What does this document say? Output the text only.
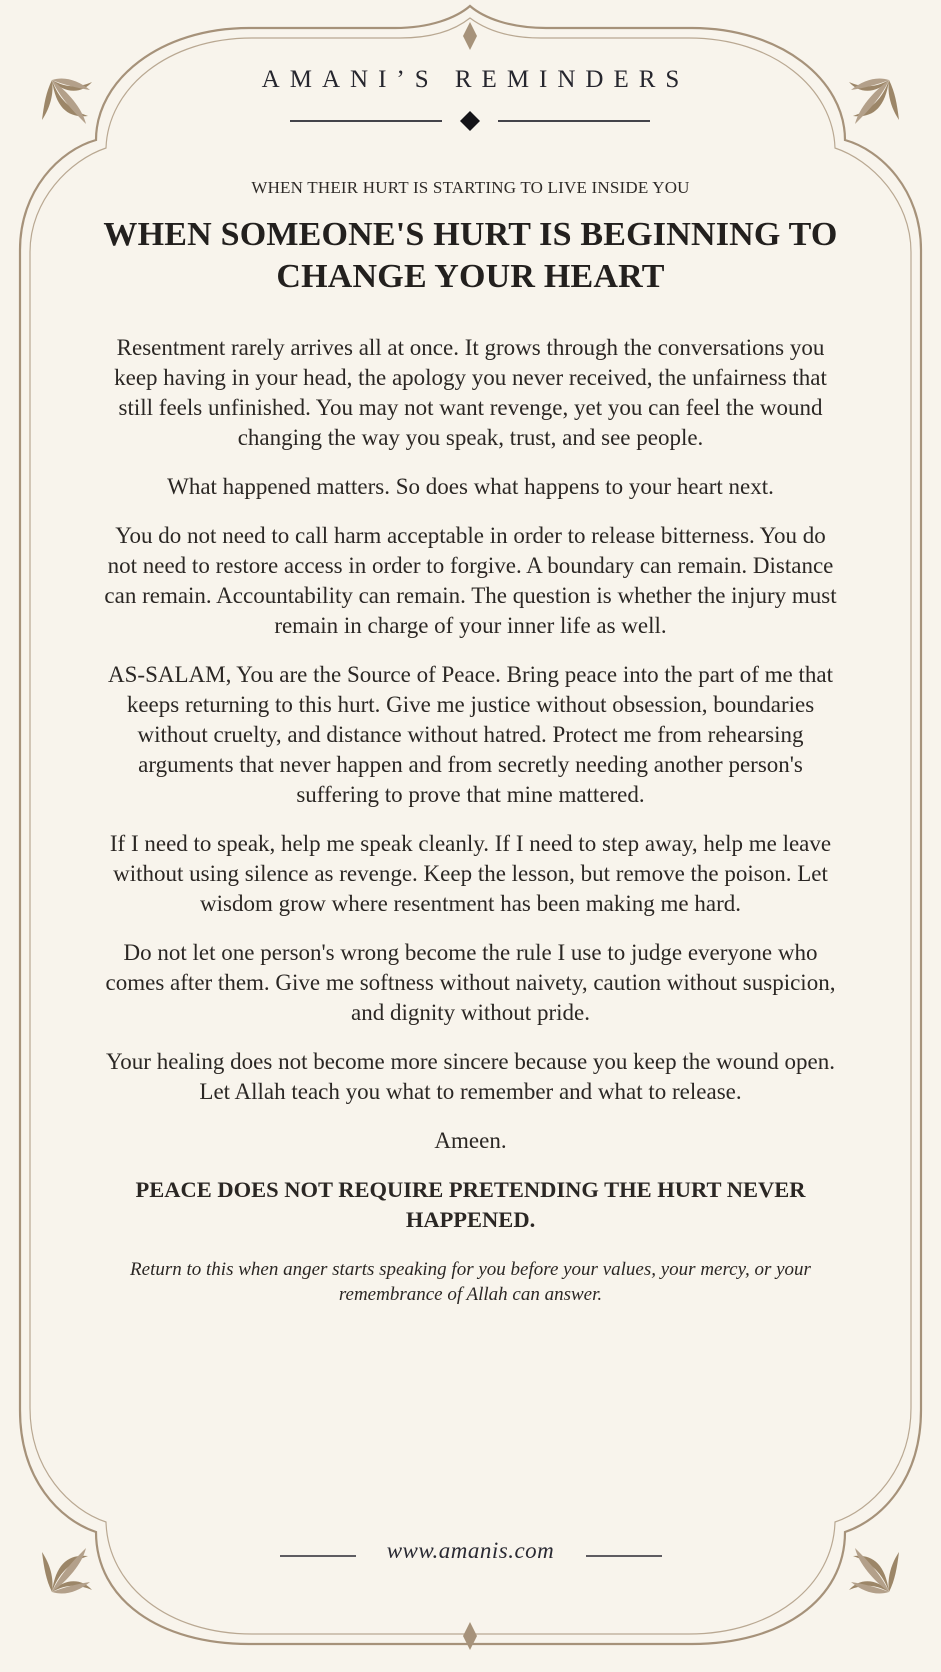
AMANI’S REMINDERS
WHEN THEIR HURT IS STARTING TO LIVE INSIDE YOU
WHEN SOMEONE'S HURT IS BEGINNING TO CHANGE YOUR HEART

Resentment rarely arrives all at once. It grows through the conversations you keep having in your head, the apology you never received, the unfairness that still feels unfinished. You may not want revenge, yet you can feel the wound changing the way you speak, trust, and see people.

What happened matters. So does what happens to your heart next.

You do not need to call harm acceptable in order to release bitterness. You do not need to restore access in order to forgive. A boundary can remain. Distance can remain. Accountability can remain. The question is whether the injury must remain in charge of your inner life as well.

AS-SALAM, You are the Source of Peace. Bring peace into the part of me that keeps returning to this hurt. Give me justice without obsession, boundaries without cruelty, and distance without hatred. Protect me from rehearsing arguments that never happen and from secretly needing another person's suffering to prove that mine mattered.

If I need to speak, help me speak cleanly. If I need to step away, help me leave without using silence as revenge. Keep the lesson, but remove the poison. Let wisdom grow where resentment has been making me hard.

Do not let one person's wrong become the rule I use to judge everyone who comes after them. Give me softness without naivety, caution without suspicion, and dignity without pride.

Your healing does not become more sincere because you keep the wound open. Let Allah teach you what to remember and what to release.

Ameen.

PEACE DOES NOT REQUIRE PRETENDING THE HURT NEVER HAPPENED.

Return to this when anger starts speaking for you before your values, your mercy, or your remembrance of Allah can answer.

www.amanis.com
